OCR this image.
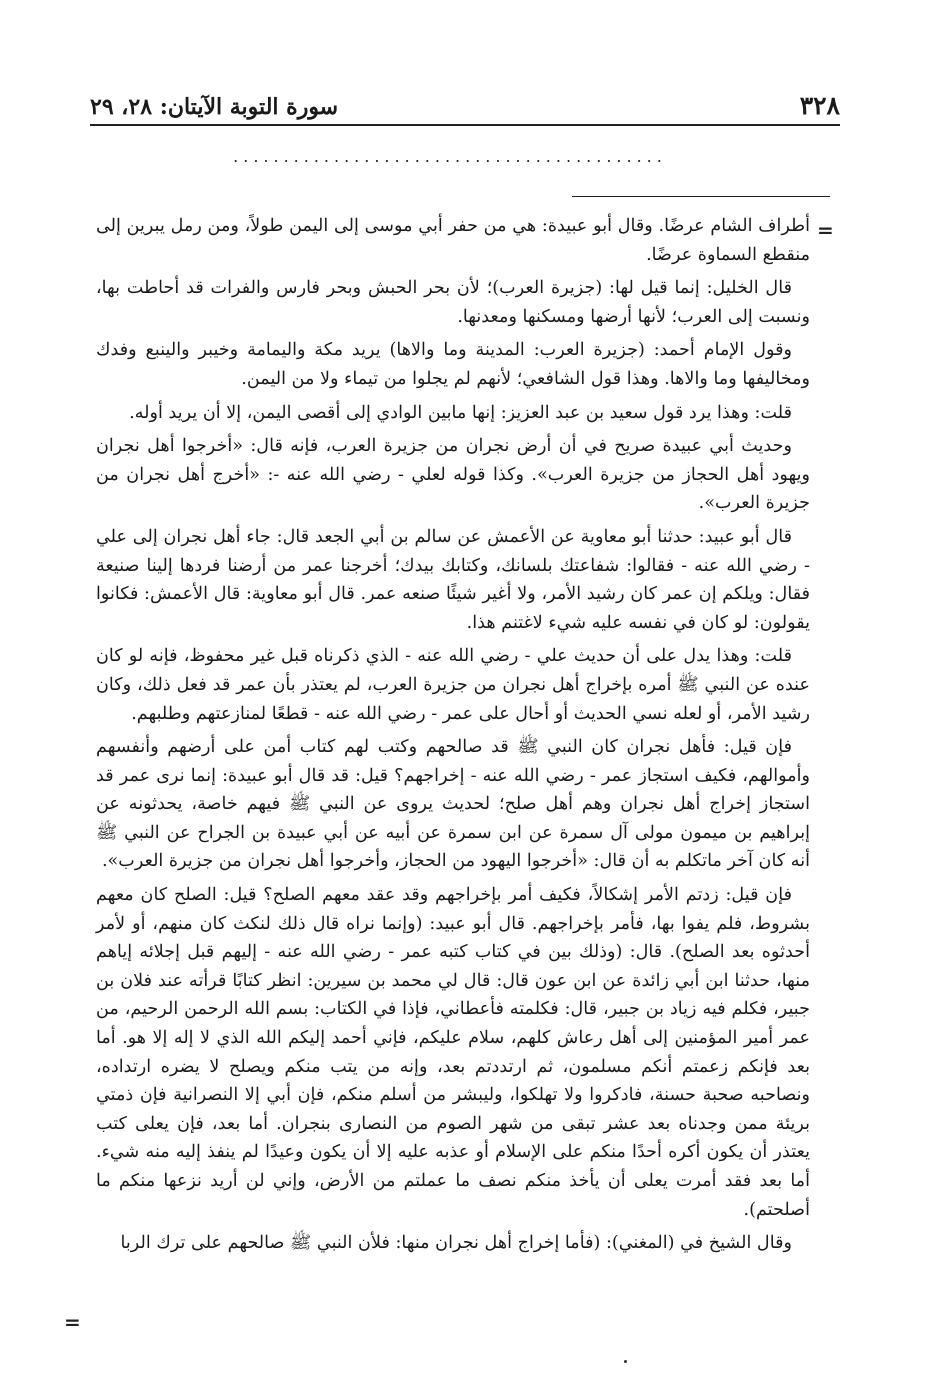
٣٢٨
سورة التوبة الآيتان: ٢٨، ٢٩
...........................................
=

أطراف الشام عرضًا. وقال أبو عبيدة: هي من حفر أبي موسى إلى اليمن طولاً، ومن رمل يبرين إلى منقطع السماوة عرضًا.

قال الخليل: إنما قيل لها: (جزيرة العرب)؛ لأن بحر الحبش وبحر فارس والفرات قد أحاطت بها، ونسبت إلى العرب؛ لأنها أرضها ومسكنها ومعدنها.

وقول الإمام أحمد: (جزيرة العرب: المدينة وما والاها) يريد مكة واليمامة وخيبر والينبع وفدك ومخاليفها وما والاها. وهذا قول الشافعي؛ لأنهم لم يجلوا من تيماء ولا من اليمن.

قلت: وهذا يرد قول سعيد بن عبد العزيز: إنها مابين الوادي إلى أقصى اليمن، إلا أن يريد أوله.

وحديث أبي عبيدة صريح في أن أرض نجران من جزيرة العرب، فإنه قال: «أخرجوا أهل نجران ويهود أهل الحجاز من جزيرة العرب». وكذا قوله لعلي - رضي الله عنه -: «أخرج أهل نجران من جزيرة العرب».

قال أبو عبيد: حدثنا أبو معاوية عن الأعمش عن سالم بن أبي الجعد قال: جاء أهل نجران إلى علي - رضي الله عنه - فقالوا: شفاعتك بلسانك، وكتابك بيدك؛ أخرجنا عمر من أرضنا فردها إلينا صنيعة فقال: ويلكم إن عمر كان رشيد الأمر، ولا أغير شيئًا صنعه عمر. قال أبو معاوية: قال الأعمش: فكانوا يقولون: لو كان في نفسه عليه شيء لاغتنم هذا.

قلت: وهذا يدل على أن حديث علي - رضي الله عنه - الذي ذكرناه قبل غير محفوظ، فإنه لو كان عنده عن النبي ﷺ أمره بإخراج أهل نجران من جزيرة العرب، لم يعتذر بأن عمر قد فعل ذلك، وكان رشيد الأمر، أو لعله نسي الحديث أو أحال على عمر - رضي الله عنه - قطعًا لمنازعتهم وطلبهم.

فإن قيل: فأهل نجران كان النبي ﷺ قد صالحهم وكتب لهم كتاب أمن على أرضهم وأنفسهم وأموالهم، فكيف استجاز عمر - رضي الله عنه - إخراجهم؟ قيل: قد قال أبو عبيدة: إنما نرى عمر قد استجاز إخراج أهل نجران وهم أهل صلح؛ لحديث يروى عن النبي ﷺ فيهم خاصة، يحدثونه عن إبراهيم بن ميمون مولى آل سمرة عن ابن سمرة عن أبيه عن أبي عبيدة بن الجراح عن النبي ﷺ أنه كان آخر ماتكلم به أن قال: «أخرجوا اليهود من الحجاز، وأخرجوا أهل نجران من جزيرة العرب».

فإن قيل: زدتم الأمر إشكالاً، فكيف أمر بإخراجهم وقد عقد معهم الصلح؟ قيل: الصلح كان معهم بشروط، فلم يفوا بها، فأمر بإخراجهم. قال أبو عبيد: (وإنما نراه قال ذلك لنكث كان منهم، أو لأمر أحدثوه بعد الصلح). قال: (وذلك بين في كتاب كتبه عمر - رضي الله عنه - إليهم قبل إجلائه إياهم منها، حدثنا ابن أبي زائدة عن ابن عون قال: قال لي محمد بن سيرين: انظر كتابًا قرأته عند فلان بن جبير، فكلم فيه زياد بن جبير، قال: فكلمته فأعطاني، فإذا في الكتاب: بسم الله الرحمن الرحيم، من عمر أمير المؤمنين إلى أهل رعاش كلهم، سلام عليكم، فإني أحمد إليكم الله الذي لا إله إلا هو. أما بعد فإنكم زعمتم أنكم مسلمون، ثم ارتددتم بعد، وإنه من يتب منكم ويصلح لا يضره ارتداده، ونصاحبه صحبة حسنة، فادكروا ولا تهلكوا، وليبشر من أسلم منكم، فإن أبي إلا النصرانية فإن ذمتي بريئة ممن وجدناه بعد عشر تبقى من شهر الصوم من النصارى بنجران. أما بعد، فإن يعلى كتب يعتذر أن يكون أكره أحدًا منكم على الإسلام أو عذبه عليه إلا أن يكون وعيدًا لم ينفذ إليه منه شيء. أما بعد فقد أمرت يعلى أن يأخذ منكم نصف ما عملتم من الأرض، وإني لن أريد نزعها منكم ما أصلحتم).

وقال الشيخ في (المغني): (فأما إخراج أهل نجران منها: فلأن النبي ﷺ صالحهم على ترك الربا

=
